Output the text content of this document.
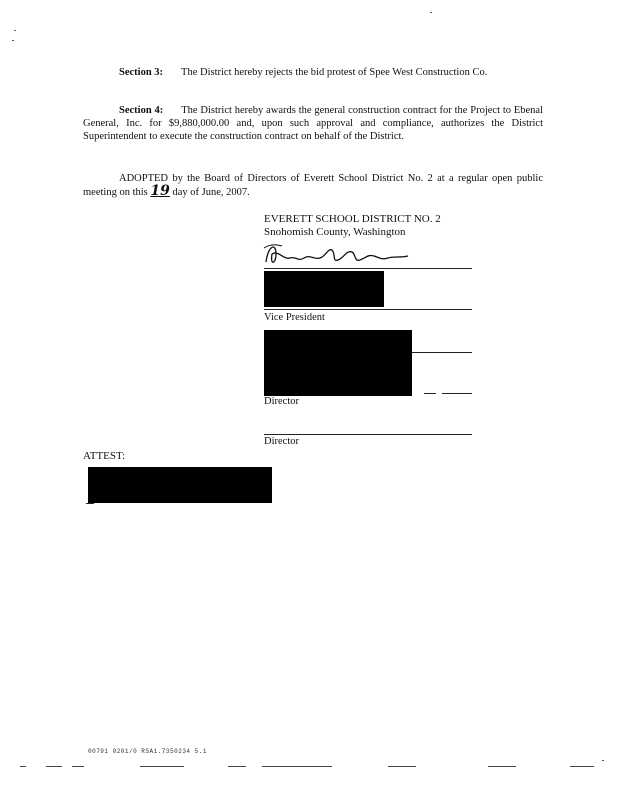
Section 3: The District hereby rejects the bid protest of Spee West Construction Co.
Section 4: The District hereby awards the general construction contract for the Project to Ebenal General, Inc. for $9,880,000.00 and, upon such approval and compliance, authorizes the District Superintendent to execute the construction contract on behalf of the District.
ADOPTED by the Board of Directors of Everett School District No. 2 at a regular open public meeting on this 19 day of June, 2007.
EVERETT SCHOOL DISTRICT NO. 2
Snohomish County, Washington
Vice President
Director
Director
ATTEST:
00791 0201/0 RSA1.7350234 5.1
